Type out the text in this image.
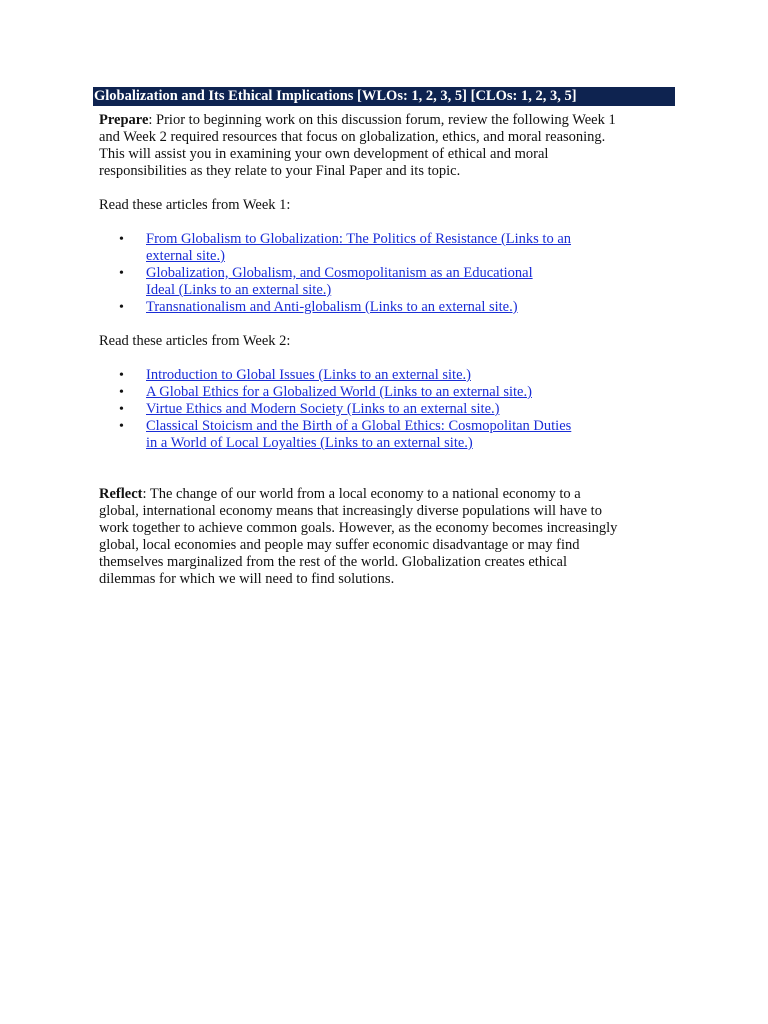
Globalization and Its Ethical Implications [WLOs: 1, 2, 3, 5] [CLOs: 1, 2, 3, 5]

Prepare: Prior to beginning work on this discussion forum, review the following Week 1 and Week 2 required resources that focus on globalization, ethics, and moral reasoning. This will assist you in examining your own development of ethical and moral responsibilities as they relate to your Final Paper and its topic.

Read these articles from Week 1:

• From Globalism to Globalization: The Politics of Resistance (Links to an
external site.)
• Globalization, Globalism, and Cosmopolitanism as an Educational
Ideal (Links to an external site.)
• Transnationalism and Anti-globalism (Links to an external site.)

Read these articles from Week 2:

• Introduction to Global Issues (Links to an external site.)
• A Global Ethics for a Globalized World (Links to an external site.)
• Virtue Ethics and Modern Society (Links to an external site.)
• Classical Stoicism and the Birth of a Global Ethics: Cosmopolitan Duties
in a World of Local Loyalties (Links to an external site.)

Reflect: The change of our world from a local economy to a national economy to a global, international economy means that increasingly diverse populations will have to work together to achieve common goals. However, as the economy becomes increasingly global, local economies and people may suffer economic disadvantage or may find themselves marginalized from the rest of the world. Globalization creates ethical dilemmas for which we will need to find solutions.
